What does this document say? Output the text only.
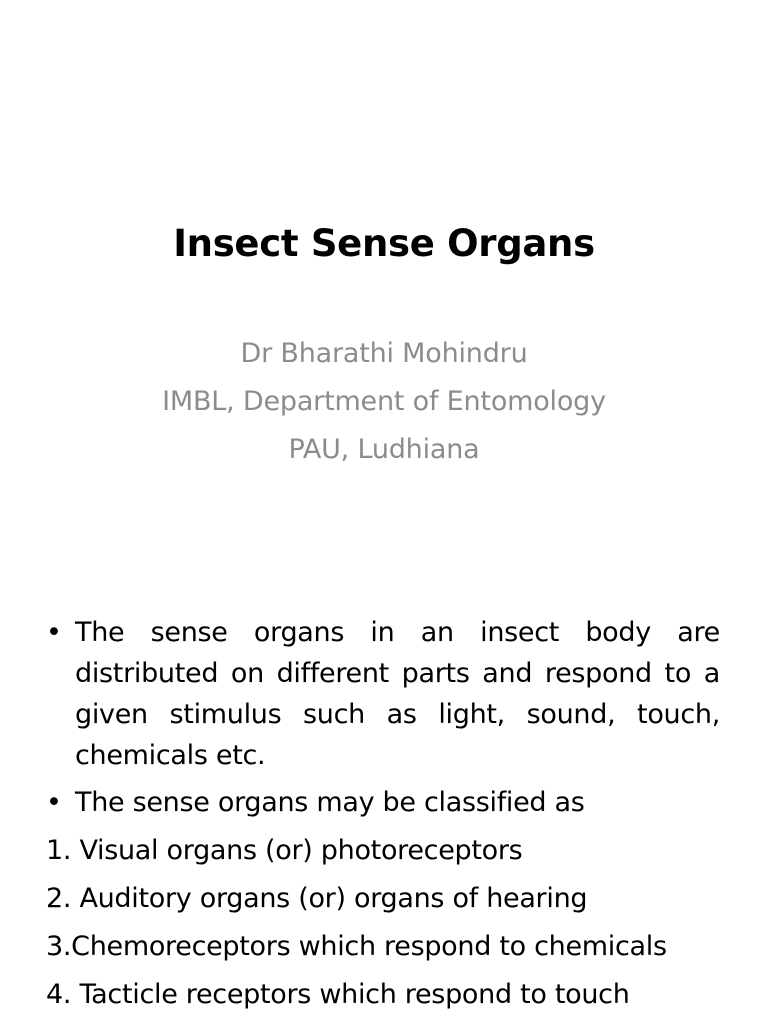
Insect Sense Organs
Dr Bharathi Mohindru
IMBL, Department of Entomology
PAU, Ludhiana
• The sense organs in an insect body are distributed on different parts and respond to a given stimulus such as light, sound, touch, chemicals etc.
• The sense organs may be classified as
1. Visual organs (or) photoreceptors
2. Auditory organs (or) organs of hearing
3.Chemoreceptors which respond to chemicals
4. Tacticle receptors which respond to touch
